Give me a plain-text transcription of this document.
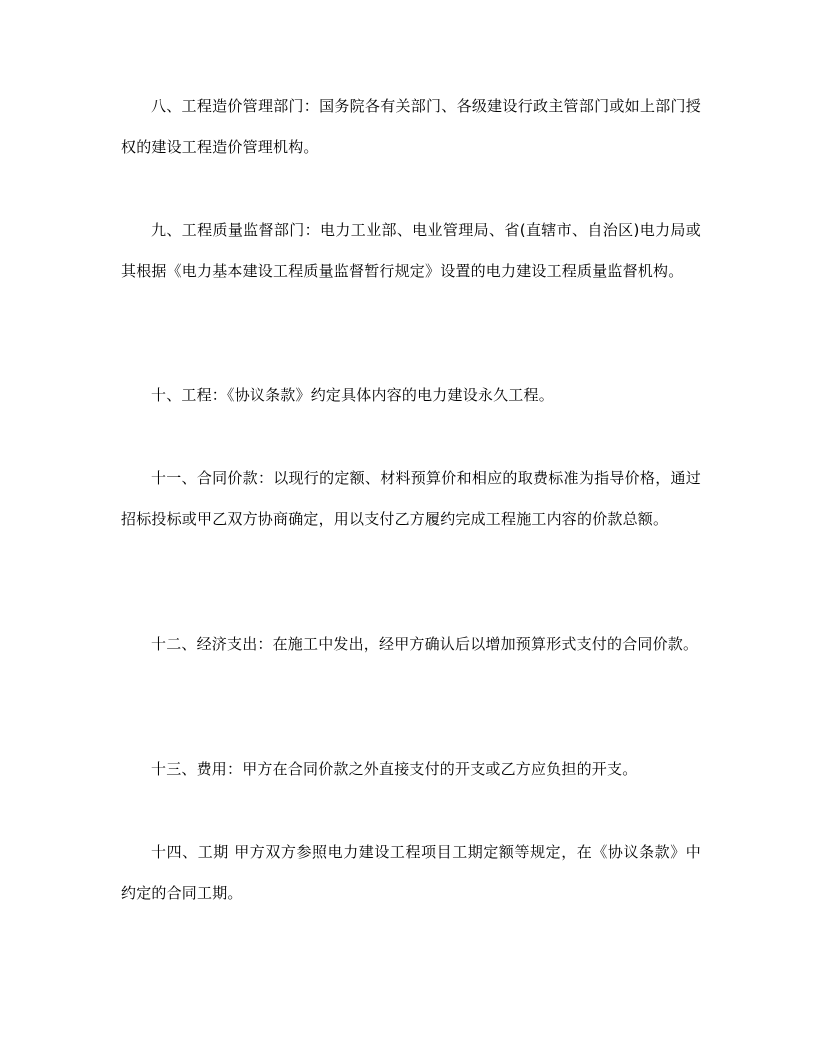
八、工程造价管理部门：国务院各有关部门、各级建设行政主管部门或如上部门授权的建设工程造价管理机构。

九、工程质量监督部门：电力工业部、电业管理局、省(直辖市、自治区)电力局或其根据《电力基本建设工程质量监督暂行规定》设置的电力建设工程质量监督机构。

十、工程：《协议条款》约定具体内容的电力建设永久工程。

十一、合同价款：以现行的定额、材料预算价和相应的取费标准为指导价格，通过招标投标或甲乙双方协商确定，用以支付乙方履约完成工程施工内容的价款总额。

十二、经济支出：在施工中发出，经甲方确认后以增加预算形式支付的合同价款。

十三、费用：甲方在合同价款之外直接支付的开支或乙方应负担的开支。

十四、工期 甲方双方参照电力建设工程项目工期定额等规定，在《协议条款》中约定的合同工期。
